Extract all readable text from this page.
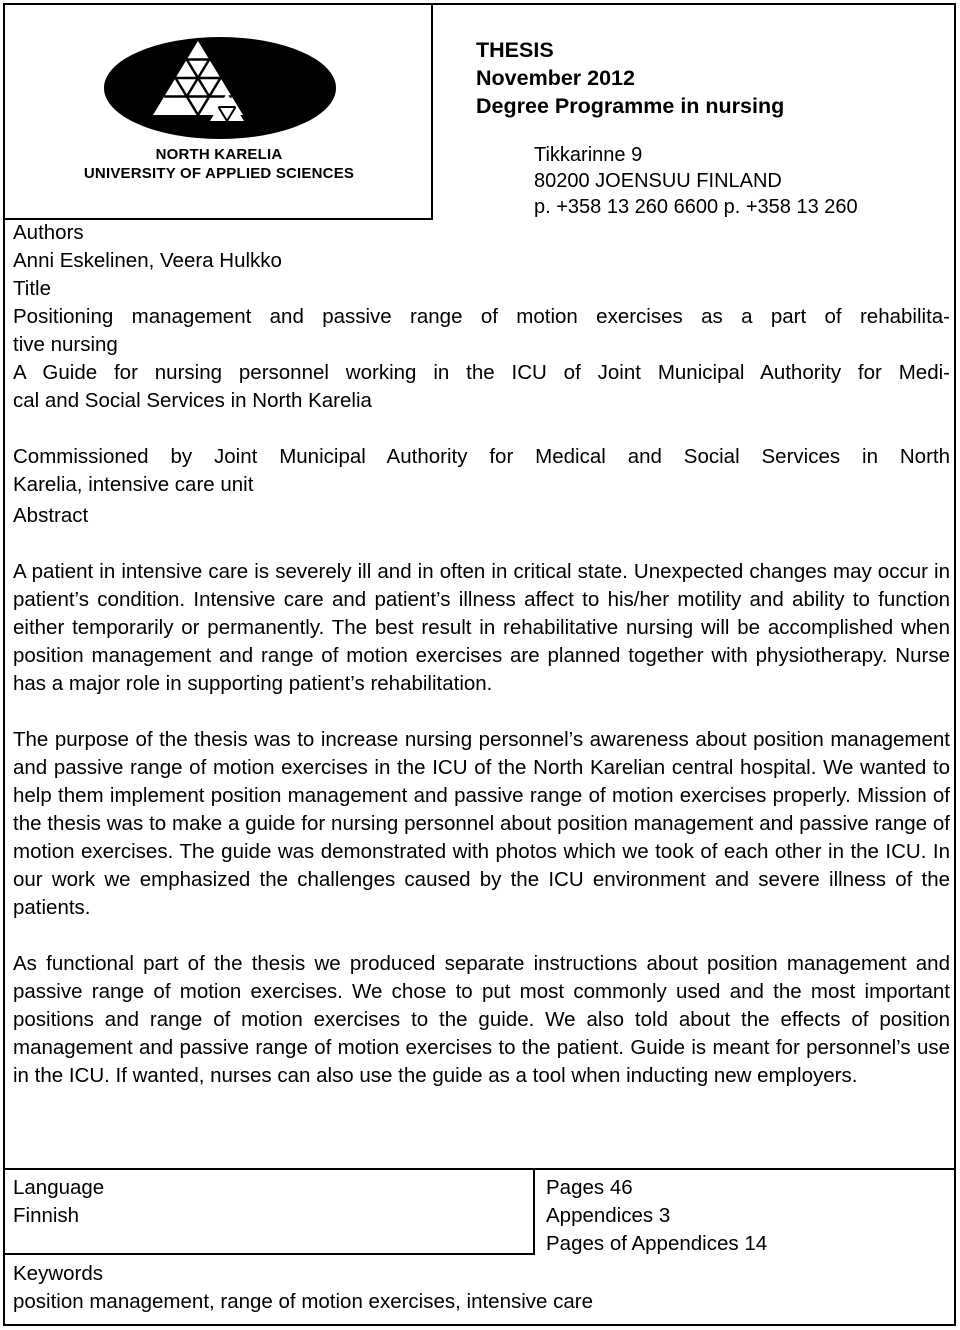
NORTH KARELIA
UNIVERSITY OF APPLIED SCIENCES
THESIS
November 2012
Degree Programme in nursing
Tikkarinne 9
80200 JOENSUU FINLAND
p. +358 13 260 6600 p. +358 13 260
Authors
Anni Eskelinen, Veera Hulkko
Title
Positioning management and passive range of motion exercises as a part of rehabilita-
tive nursing
A Guide for nursing personnel working in the ICU of Joint Municipal Authority for Medi-
cal and Social Services in North Karelia

Commissioned by Joint Municipal Authority for Medical and Social Services in North
Karelia, intensive care unit
Abstract

A patient in intensive care is severely ill and in often in critical state. Unexpected changes may occur in patient’s condition. Intensive care and patient’s illness affect to his/her motility and ability to function either temporarily or permanently. The best result in rehabilitative nursing will be accomplished when position management and range of motion exercises are planned together with physiotherapy. Nurse has a major role in supporting patient’s rehabilitation.
The purpose of the thesis was to increase nursing personnel’s awareness about position management and passive range of motion exercises in the ICU of the North Karelian central hospital. We wanted to help them implement position management and passive range of motion exercises properly. Mission of the thesis was to make a guide for nursing personnel about position management and passive range of motion exercises. The guide was demonstrated with photos which we took of each other in the ICU. In our work we emphasized the challenges caused by the ICU environment and severe illness of the patients.
As functional part of the thesis we produced separate instructions about position management and passive range of motion exercises. We chose to put most commonly used and the most important positions and range of motion exercises to the guide. We also told about the effects of position management and passive range of motion exercises to the patient. Guide is meant for personnel’s use in the ICU. If wanted, nurses can also use the guide as a tool when inducting new employers.
Language
Finnish
Pages 46
Appendices 3
Pages of Appendices 14
Keywords
position management, range of motion exercises, intensive care
